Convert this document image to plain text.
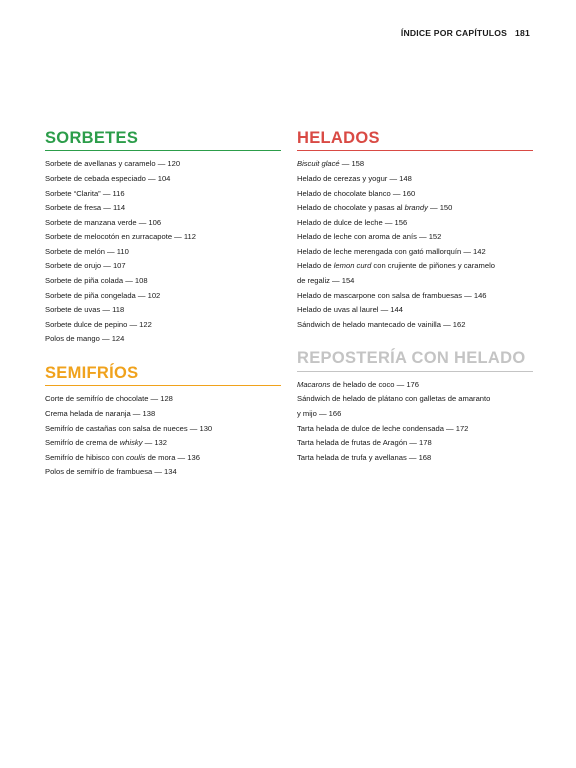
ÍNDICE POR CAPÍTULOS 181
SORBETES
Sorbete de avellanas y caramelo — 120
Sorbete de cebada especiado — 104
Sorbete “Clarita” — 116
Sorbete de fresa — 114
Sorbete de manzana verde — 106
Sorbete de melocotón en zurracapote — 112
Sorbete de melón — 110
Sorbete de orujo — 107
Sorbete de piña colada — 108
Sorbete de piña congelada — 102
Sorbete de uvas — 118
Sorbete dulce de pepino — 122
Polos de mango — 124
SEMIFRÍOS
Corte de semifrío de chocolate — 128
Crema helada de naranja — 138
Semifrío de castañas con salsa de nueces — 130
Semifrío de crema de whisky — 132
Semifrío de hibisco con coulis de mora — 136
Polos de semifrío de frambuesa — 134
HELADOS
Biscuit glacé — 158
Helado de cerezas y yogur — 148
Helado de chocolate blanco — 160
Helado de chocolate y pasas al brandy — 150
Helado de dulce de leche — 156
Helado de leche con aroma de anís — 152
Helado de leche merengada con gató mallorquín — 142
Helado de lemon curd con crujiente de piñones y caramelo
de regaliz — 154
Helado de mascarpone con salsa de frambuesas — 146
Helado de uvas al laurel — 144
Sándwich de helado mantecado de vainilla — 162
REPOSTERÍA CON HELADO
Macarons de helado de coco — 176
Sándwich de helado de plátano con galletas de amaranto
y mijo — 166
Tarta helada de dulce de leche condensada — 172
Tarta helada de frutas de Aragón — 178
Tarta helada de trufa y avellanas — 168
